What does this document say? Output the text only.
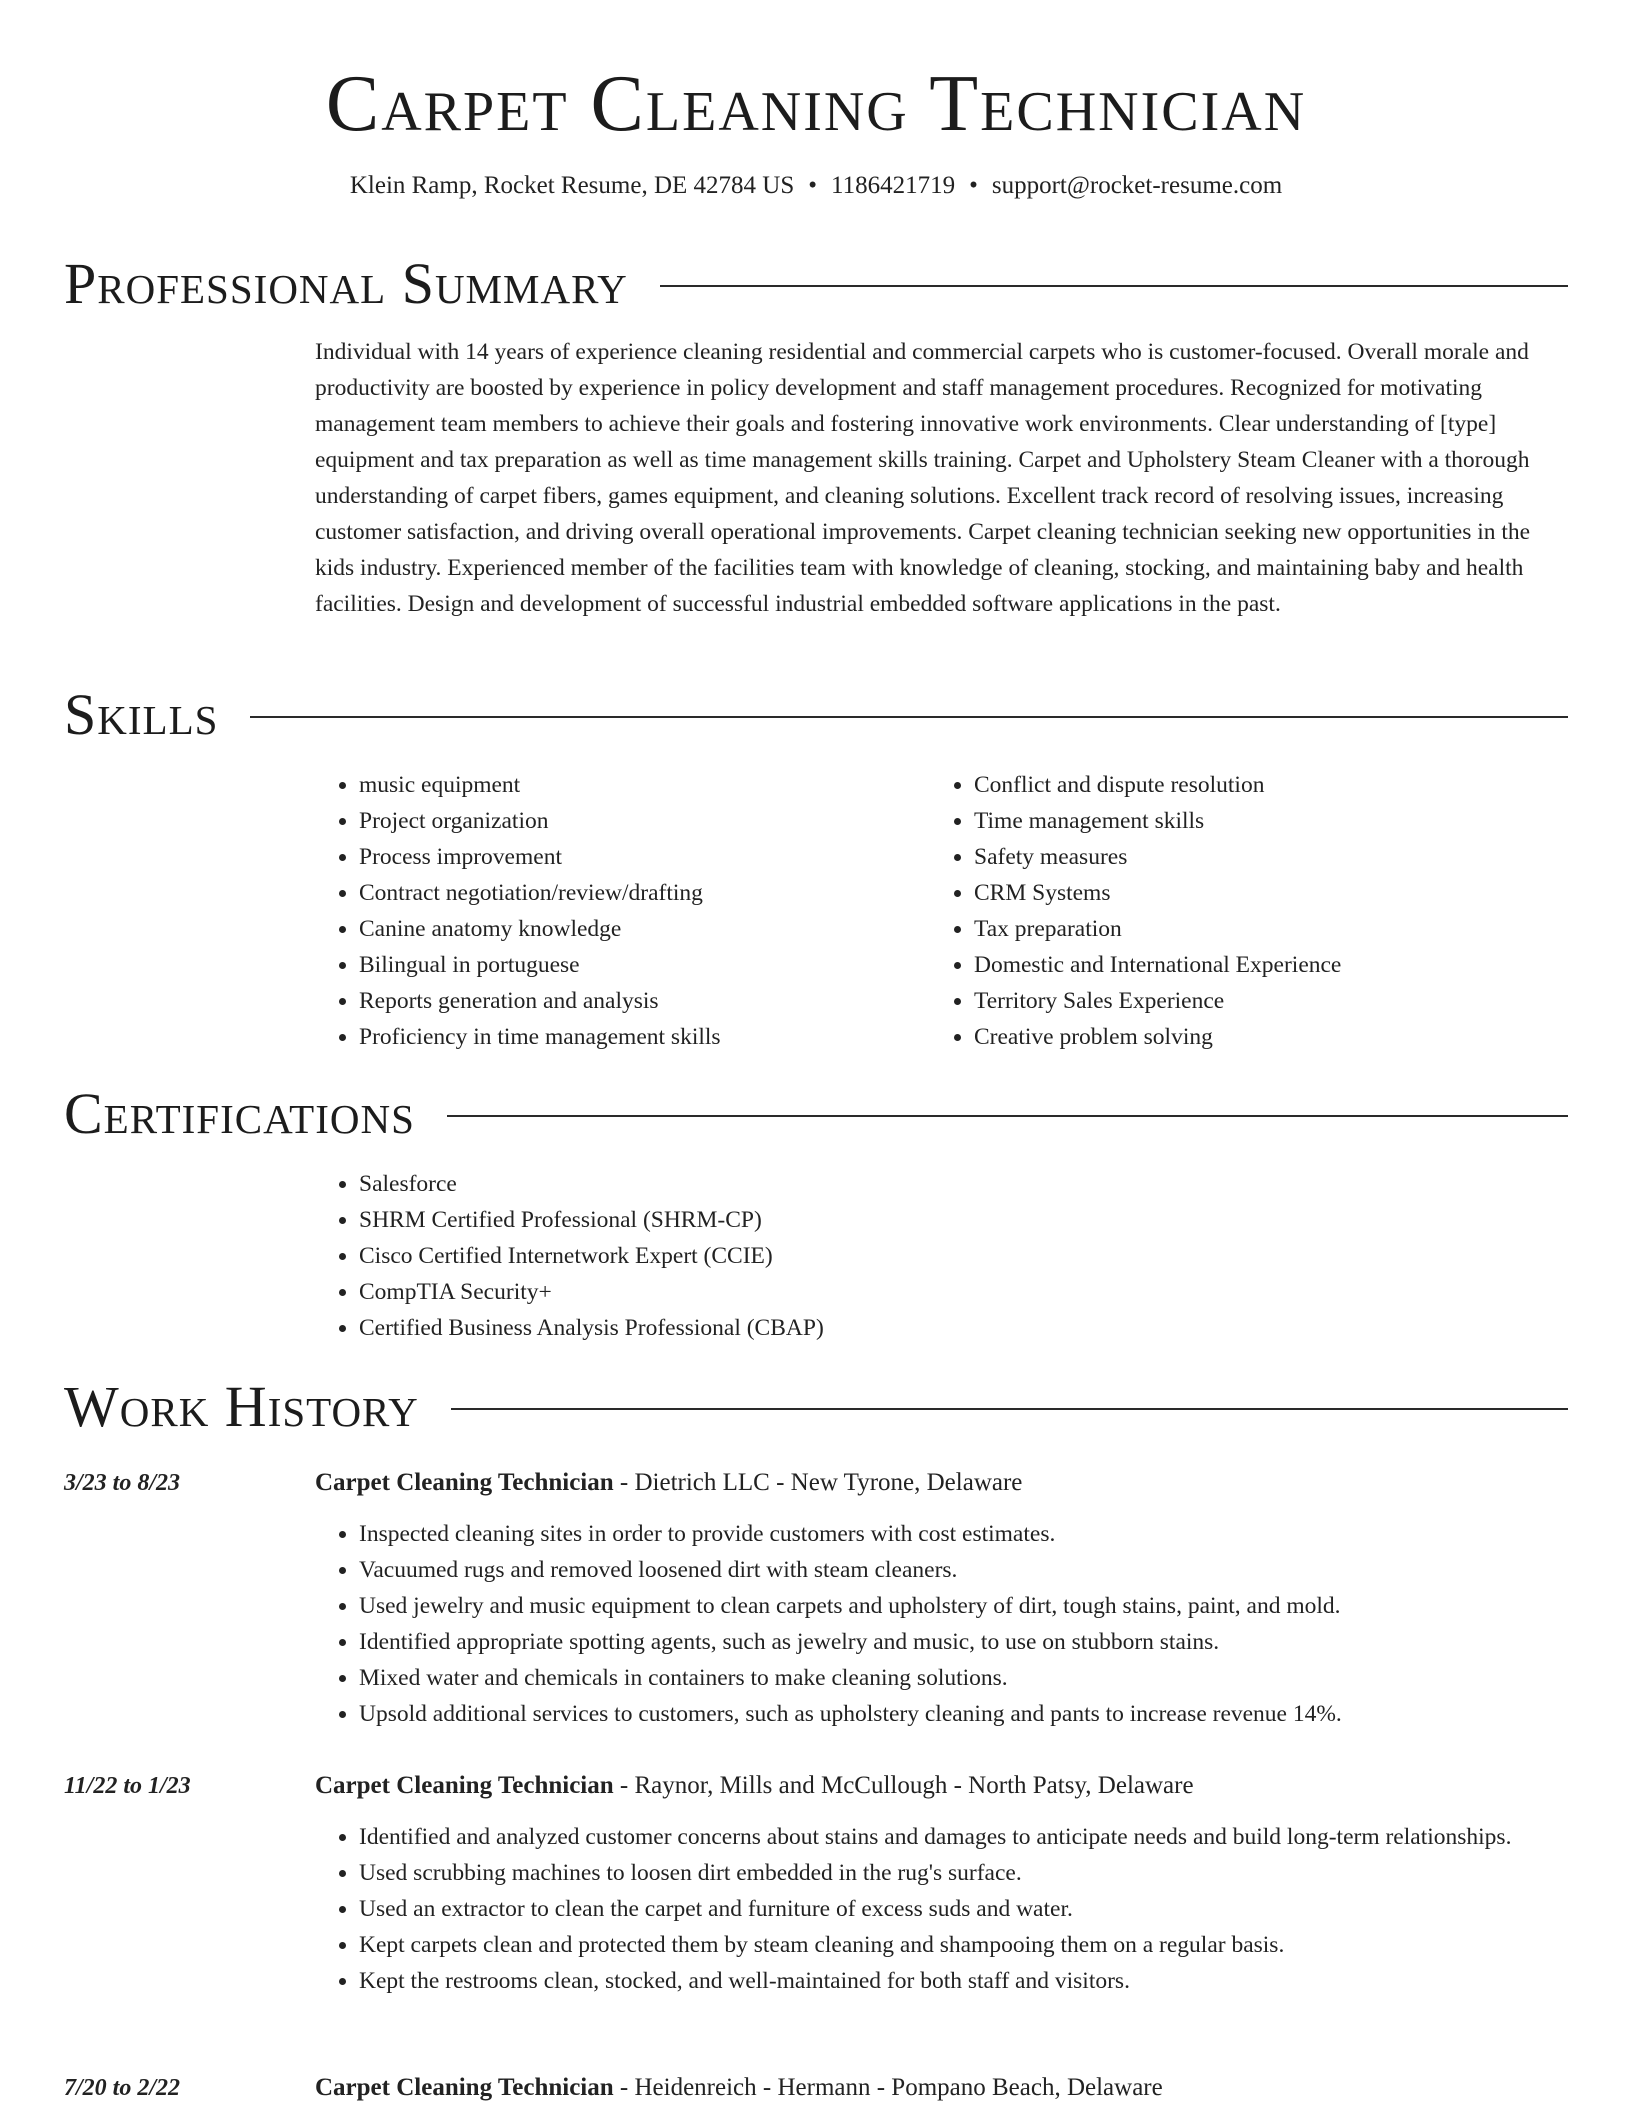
Carpet Cleaning Technician
Klein Ramp, Rocket Resume, DE 42784 US • 1186421719 • support@rocket-resume.com
Professional Summary
Individual with 14 years of experience cleaning residential and commercial carpets who is customer-focused. Overall morale and productivity are boosted by experience in policy development and staff management procedures. Recognized for motivating management team members to achieve their goals and fostering innovative work environments. Clear understanding of [type] equipment and tax preparation as well as time management skills training. Carpet and Upholstery Steam Cleaner with a thorough understanding of carpet fibers, games equipment, and cleaning solutions. Excellent track record of resolving issues, increasing customer satisfaction, and driving overall operational improvements. Carpet cleaning technician seeking new opportunities in the kids industry. Experienced member of the facilities team with knowledge of cleaning, stocking, and maintaining baby and health facilities. Design and development of successful industrial embedded software applications in the past.
Skills
• music equipment
• Project organization
• Process improvement
• Contract negotiation/review/drafting
• Canine anatomy knowledge
• Bilingual in portuguese
• Reports generation and analysis
• Proficiency in time management skills
• Conflict and dispute resolution
• Time management skills
• Safety measures
• CRM Systems
• Tax preparation
• Domestic and International Experience
• Territory Sales Experience
• Creative problem solving
Certifications
• Salesforce
• SHRM Certified Professional (SHRM-CP)
• Cisco Certified Internetwork Expert (CCIE)
• CompTIA Security+
• Certified Business Analysis Professional (CBAP)
Work History
3/23 to 8/23	Carpet Cleaning Technician - Dietrich LLC - New Tyrone, Delaware
• Inspected cleaning sites in order to provide customers with cost estimates.
• Vacuumed rugs and removed loosened dirt with steam cleaners.
• Used jewelry and music equipment to clean carpets and upholstery of dirt, tough stains, paint, and mold.
• Identified appropriate spotting agents, such as jewelry and music, to use on stubborn stains.
• Mixed water and chemicals in containers to make cleaning solutions.
• Upsold additional services to customers, such as upholstery cleaning and pants to increase revenue 14%.
11/22 to 1/23	Carpet Cleaning Technician - Raynor, Mills and McCullough - North Patsy, Delaware
• Identified and analyzed customer concerns about stains and damages to anticipate needs and build long-term relationships.
• Used scrubbing machines to loosen dirt embedded in the rug's surface.
• Used an extractor to clean the carpet and furniture of excess suds and water.
• Kept carpets clean and protected them by steam cleaning and shampooing them on a regular basis.
• Kept the restrooms clean, stocked, and well-maintained for both staff and visitors.
7/20 to 2/22	Carpet Cleaning Technician - Heidenreich - Hermann - Pompano Beach, Delaware
